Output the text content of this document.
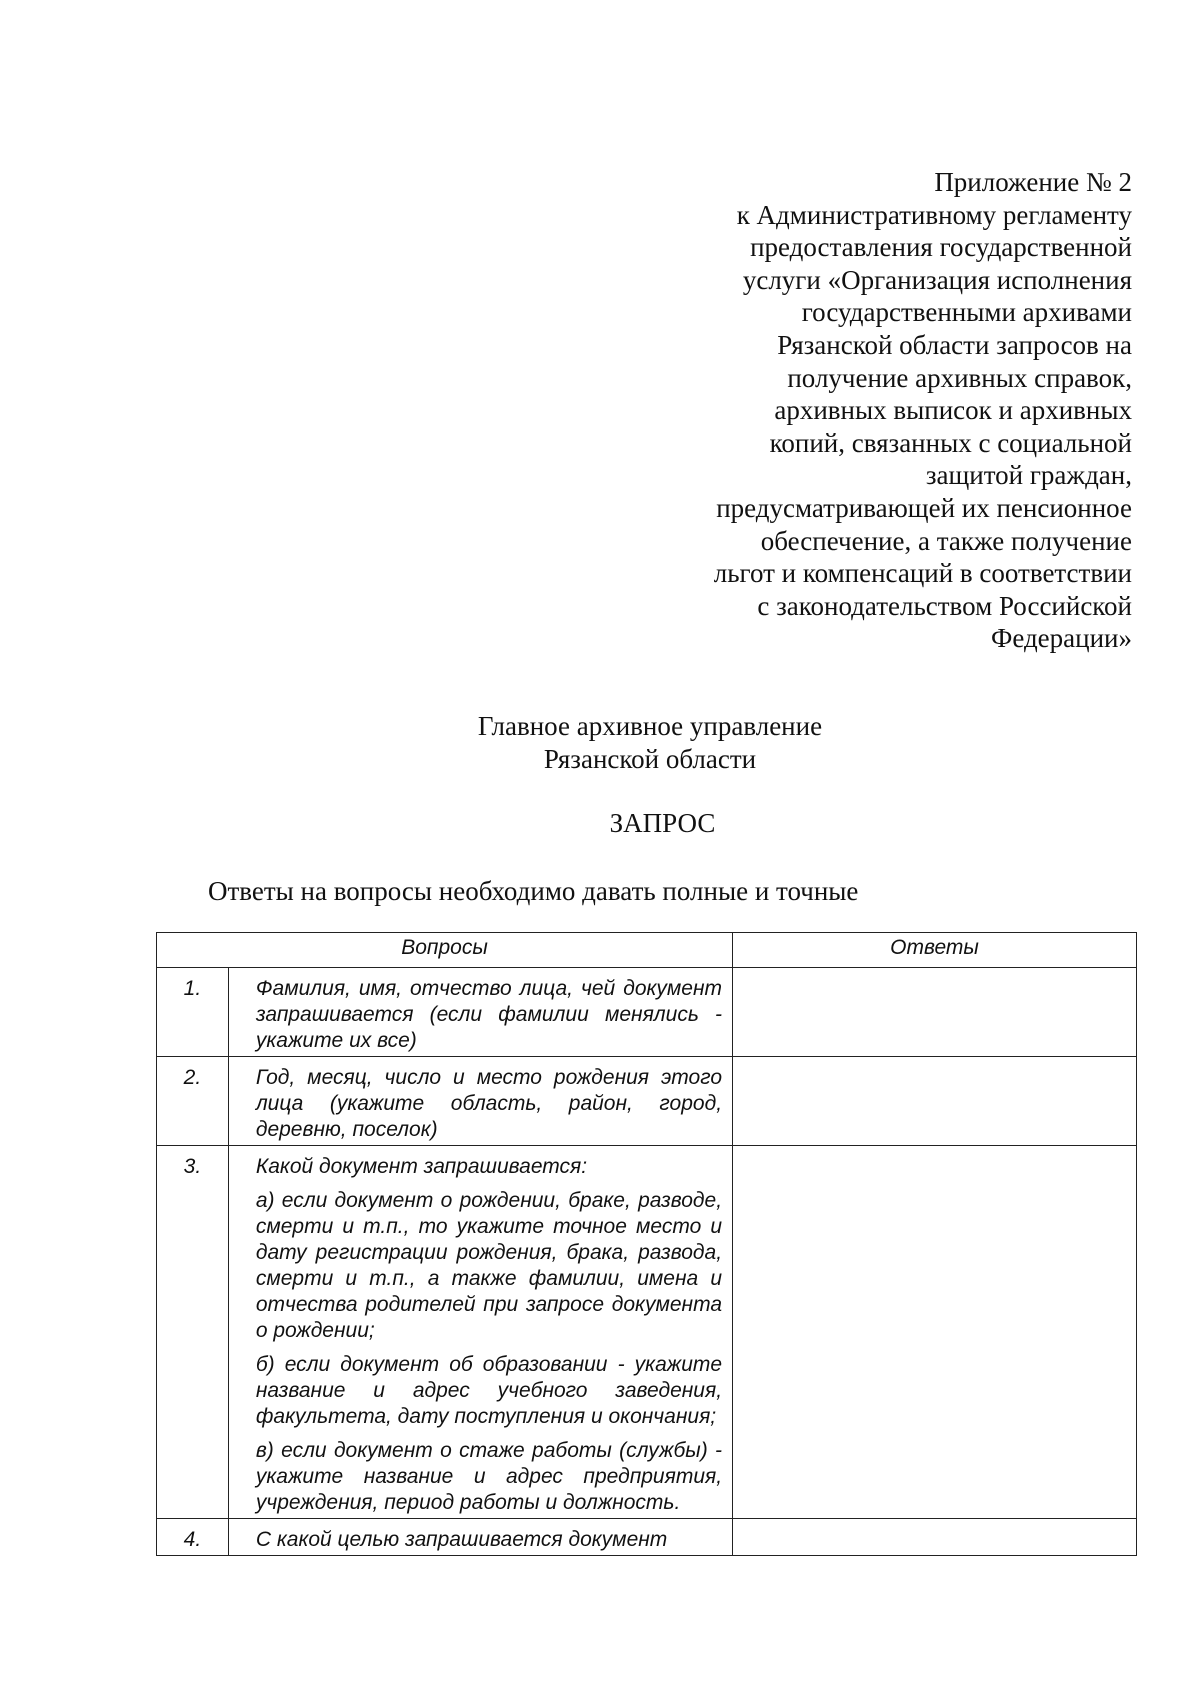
Приложение № 2
к Административному регламенту
предоставления государственной
услуги «Организация исполнения
государственными архивами
Рязанской области запросов на
получение архивных справок,
архивных выписок и архивных
копий, связанных с социальной
защитой граждан,
предусматривающей их пенсионное
обеспечение, а также получение
льгот и компенсаций в соответствии
с законодательством Российской
Федерации»
Главное архивное управление
Рязанской области
ЗАПРОС
Ответы на вопросы необходимо давать полные и точные
Вопросы		Ответы
1.	Фамилия, имя, отчество лица, чей документ запрашивается (если фамилии менялись - укажите их все)	

2.	Год, месяц, число и место рождения этого лица (укажите область, район, город, деревню, поселок)	

3.	Какой документ запрашивается:

а) если документ о рождении, браке, разводе, смерти и т.п., то укажите точное место и дату регистрации рождения, брака, развода, смерти и т.п., а также фамилии, имена и отчества родителей при запросе документа о рождении;

б) если документ об образовании - укажите название и адрес учебного заведения, факультета, дату поступления и окончания;

в) если документ о стаже работы (службы) - укажите название и адрес предприятия, учреждения, период работы и должность.	

4.	С какой целью запрашивается документ	
